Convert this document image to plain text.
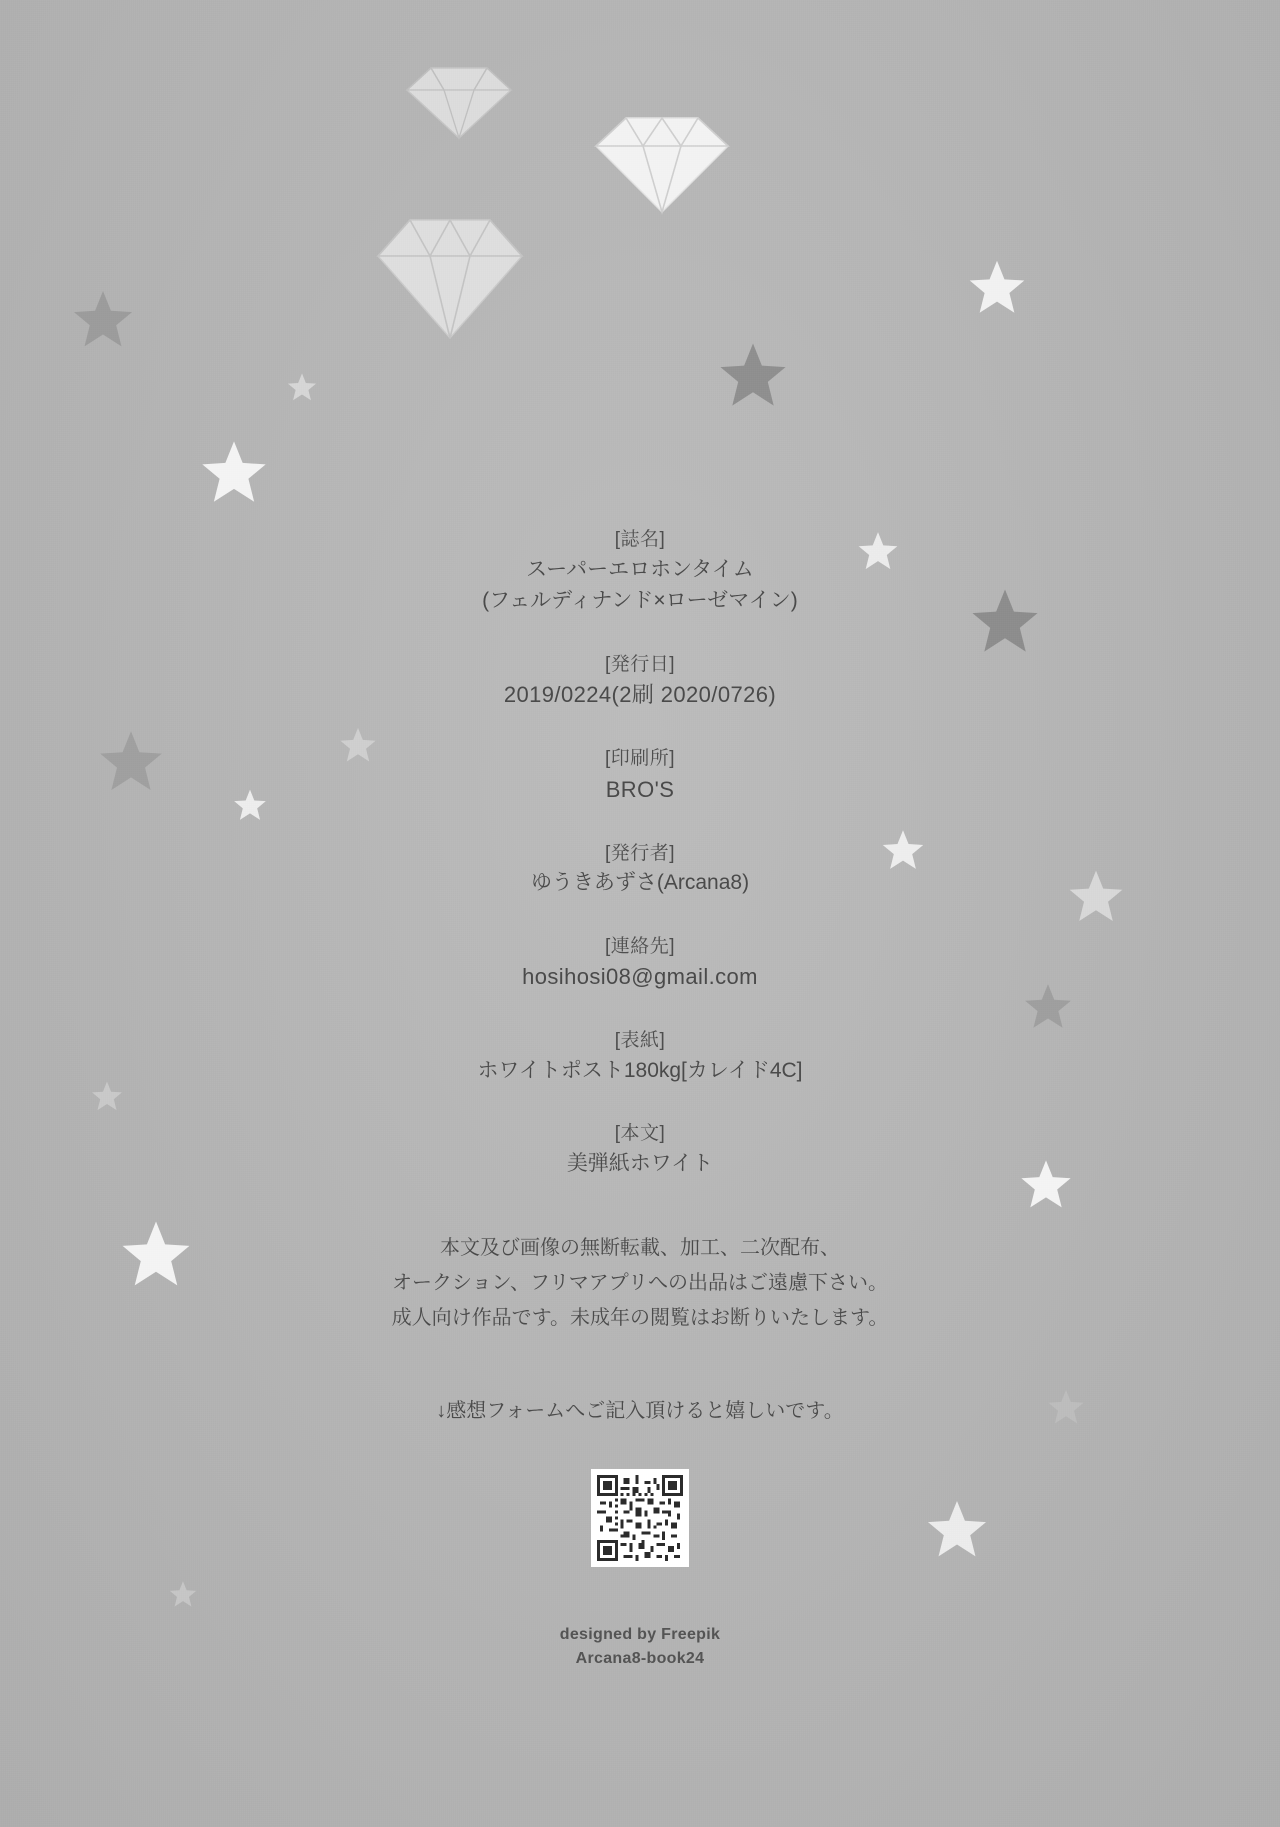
[誌名]
スーパーエロホンタイム
(フェルディナンド×ローゼマイン)
[発行日]
2019/0224(2刷 2020/0726)
[印刷所]
BRO'S
[発行者]
ゆうきあずさ(Arcana8)
[連絡先]
hosihosi08@gmail.com
[表紙]
ホワイトポスト180kg[カレイド4C]
[本文]
美弾紙ホワイト
本文及び画像の無断転載、加工、二次配布、
オークション、フリマアプリへの出品はご遠慮下さい。
成人向け作品です。未成年の閲覧はお断りいたします。
↓感想フォームへご記入頂けると嬉しいです。
designed by Freepik
Arcana8-book24
